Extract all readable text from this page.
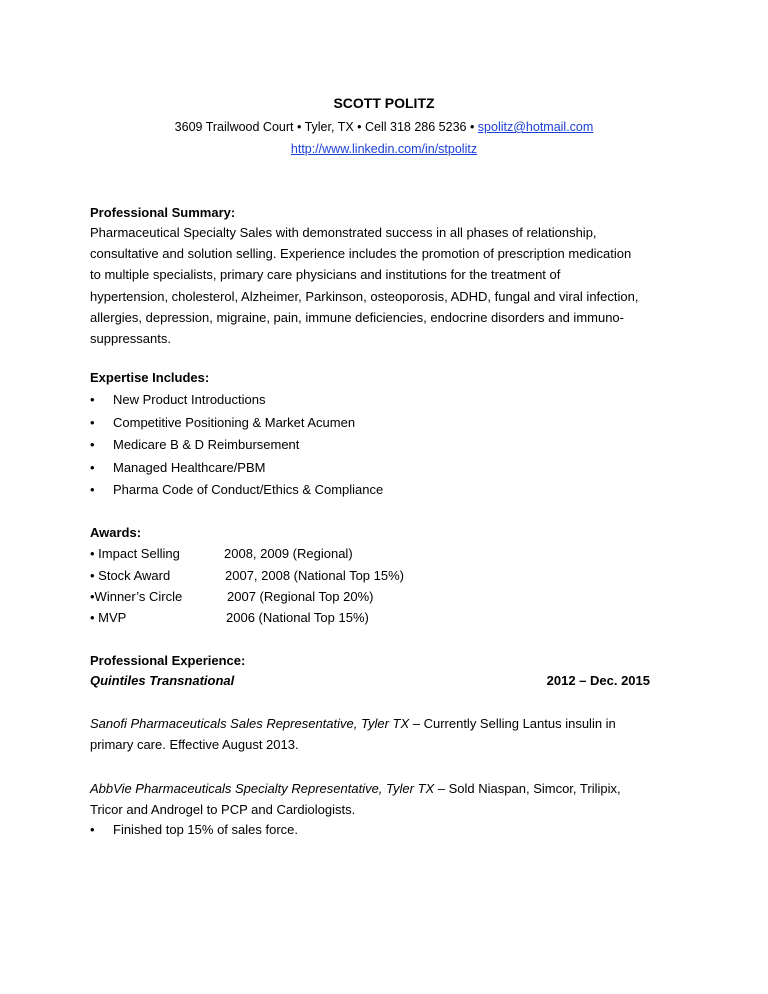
SCOTT POLITZ
3609 Trailwood Court • Tyler, TX • Cell 318 286 5236 • spolitz@hotmail.com
http://www.linkedin.com/in/stpolitz
Professional Summary:
Pharmaceutical Specialty Sales with demonstrated success in all phases of relationship,
consultative and solution selling. Experience includes the promotion of prescription medication
to multiple specialists, primary care physicians and institutions for the treatment of
hypertension, cholesterol, Alzheimer, Parkinson, osteoporosis, ADHD, fungal and viral infection,
allergies, depression, migraine, pain, immune deficiencies, endocrine disorders and immuno-
suppressants.
Expertise Includes:
• New Product Introductions
• Competitive Positioning & Market Acumen
• Medicare B & D Reimbursement
• Managed Healthcare/PBM
• Pharma Code of Conduct/Ethics & Compliance
Awards:
• Impact Selling	2008, 2009 (Regional)
• Stock Award	2007, 2008 (National Top 15%)
•Winner’s Circle	2007 (Regional Top 20%)
• MVP	2006 (National Top 15%)
Professional Experience:
Quintiles Transnational	2012 – Dec. 2015
Sanofi Pharmaceuticals Sales Representative, Tyler TX – Currently Selling Lantus insulin in
primary care. Effective August 2013.
AbbVie Pharmaceuticals Specialty Representative, Tyler TX – Sold Niaspan, Simcor, Trilipix,
Tricor and Androgel to PCP and Cardiologists.
• Finished top 15% of sales force.
